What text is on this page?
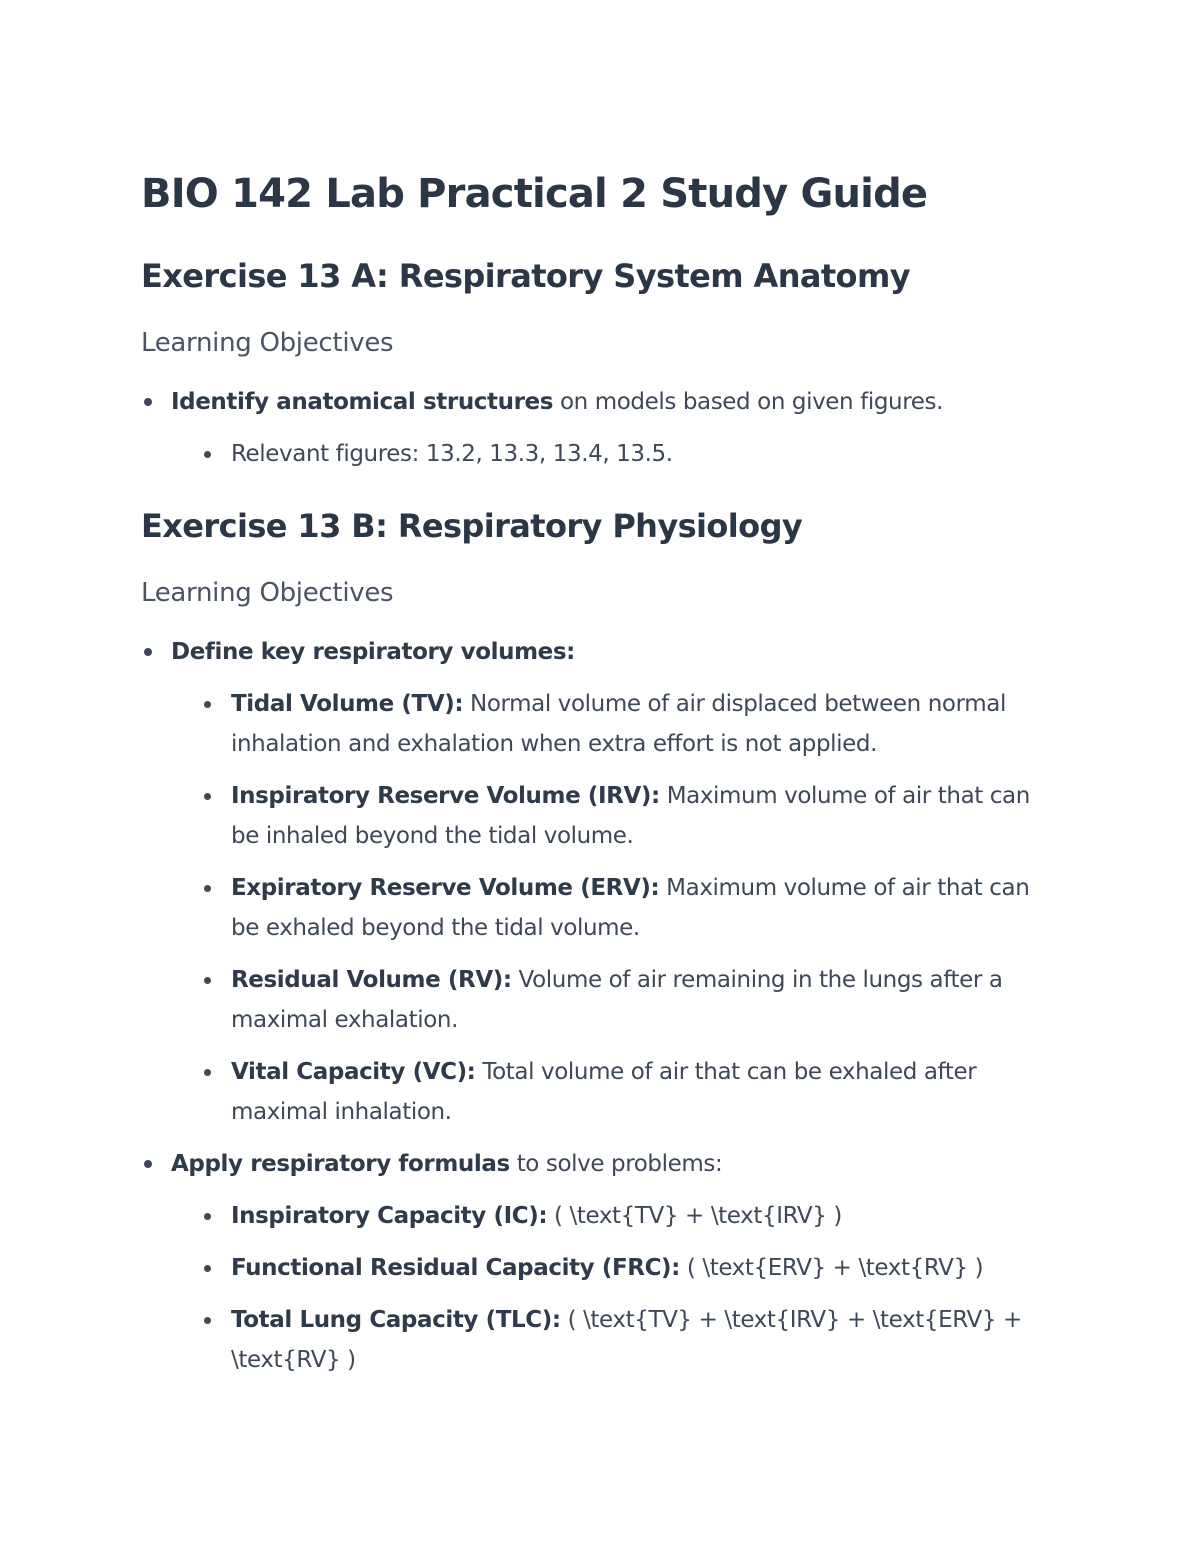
BIO 142 Lab Practical 2 Study Guide
Exercise 13 A: Respiratory System Anatomy
Learning Objectives
Identify anatomical structures on models based on given figures.
Relevant figures: 13.2, 13.3, 13.4, 13.5.
Exercise 13 B: Respiratory Physiology
Learning Objectives
Define key respiratory volumes:
Tidal Volume (TV): Normal volume of air displaced between normal inhalation and exhalation when extra effort is not applied.
Inspiratory Reserve Volume (IRV): Maximum volume of air that can be inhaled beyond the tidal volume.
Expiratory Reserve Volume (ERV): Maximum volume of air that can be exhaled beyond the tidal volume.
Residual Volume (RV): Volume of air remaining in the lungs after a maximal exhalation.
Vital Capacity (VC): Total volume of air that can be exhaled after maximal inhalation.
Apply respiratory formulas to solve problems:
Inspiratory Capacity (IC): ( \text{TV} + \text{IRV} )
Functional Residual Capacity (FRC): ( \text{ERV} + \text{RV} )
Total Lung Capacity (TLC): ( \text{TV} + \text{IRV} + \text{ERV} + \text{RV} )
